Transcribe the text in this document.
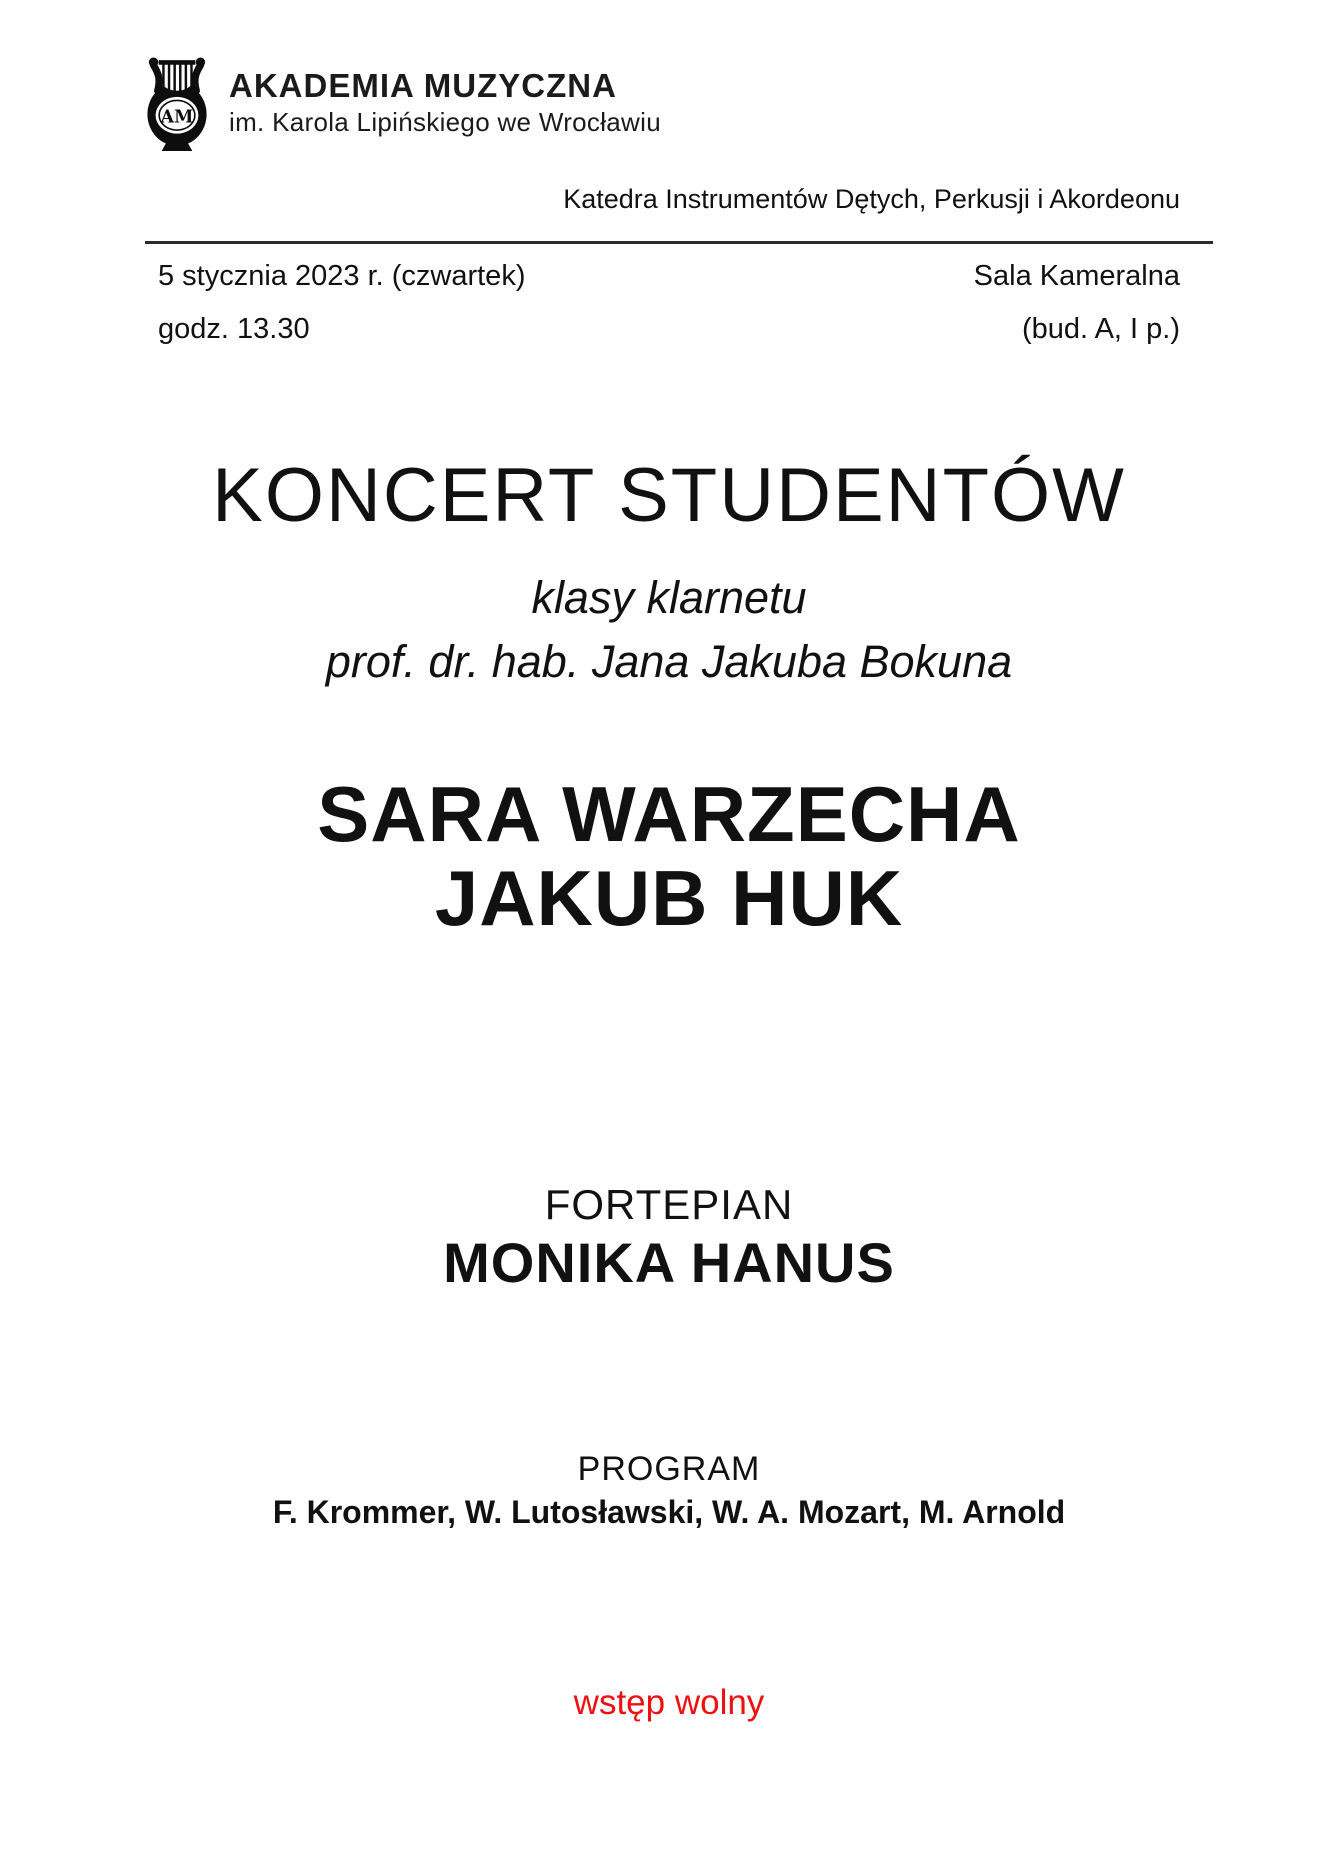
AM
AKADEMIA MUZYCZNA
im. Karola Lipińskiego we Wrocławiu
Katedra Instrumentów Dętych, Perkusji i Akordeonu
5 stycznia 2023 r. (czwartek)	Sala Kameralna
godz. 13.30	(bud. A, I p.)
KONCERT STUDENTÓW
klasy klarnetu
prof. dr. hab. Jana Jakuba Bokuna
SARA WARZECHA
JAKUB HUK
FORTEPIAN
MONIKA HANUS
PROGRAM
F. Krommer, W. Lutosławski, W. A. Mozart, M. Arnold
wstęp wolny
